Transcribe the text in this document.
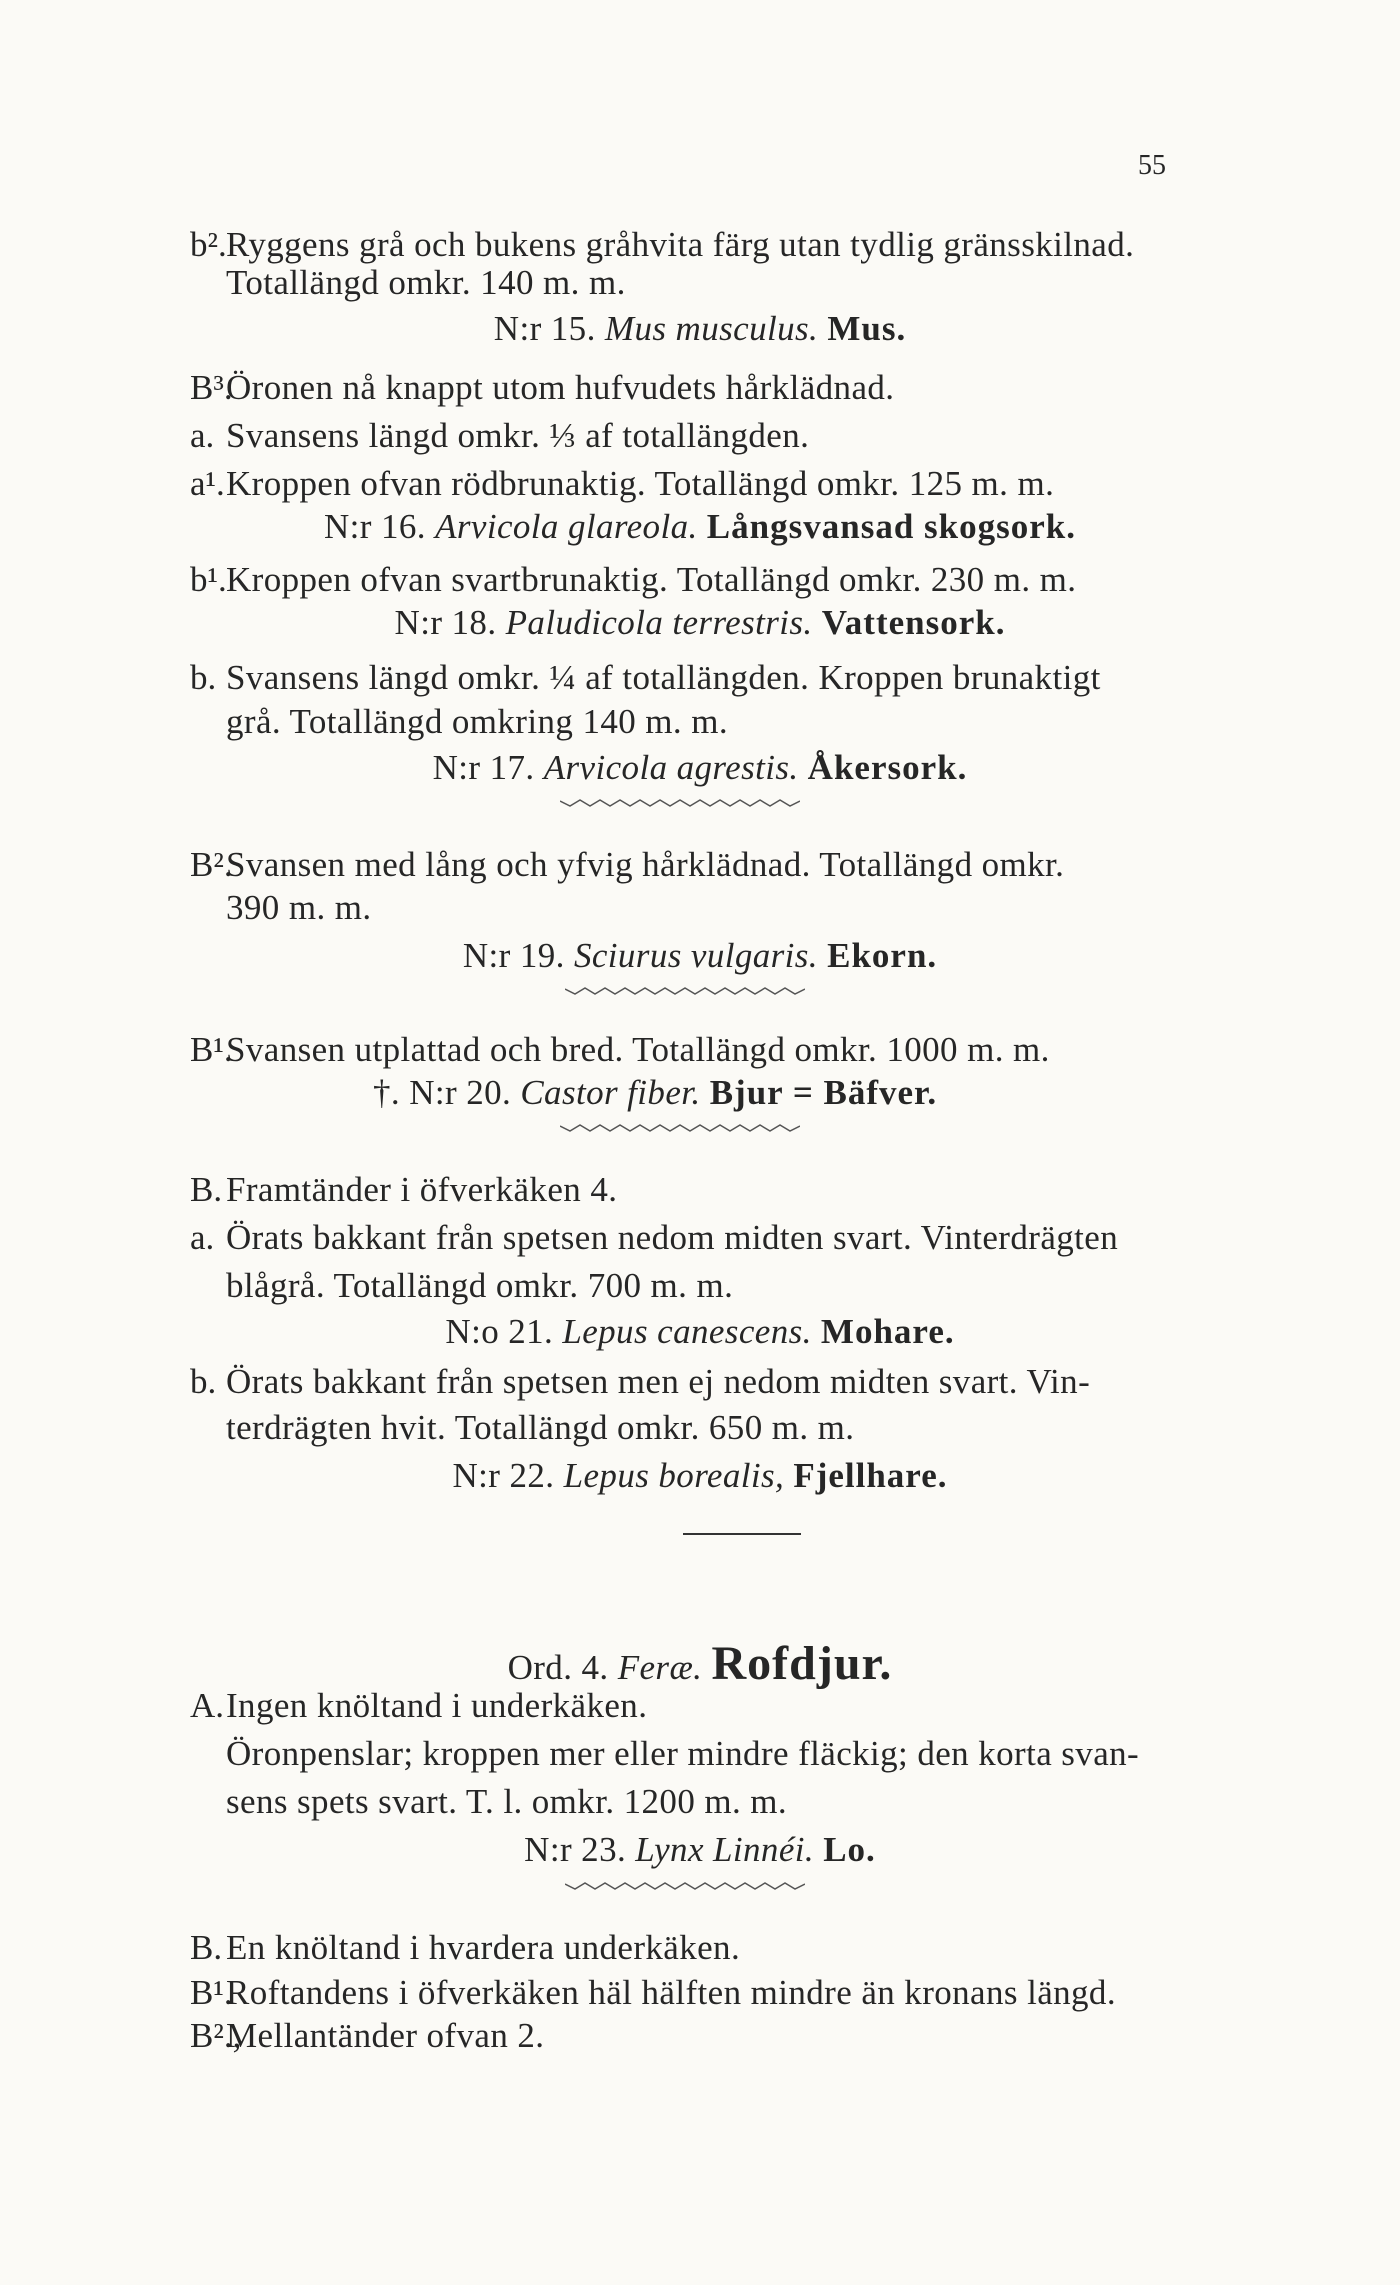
55
b². Ryggens grå och bukens gråhvita färg utan tydlig gränsskilnad.
Totallängd omkr. 140 m. m.
N:r 15. Mus musculus. Mus.
B³.
Öronen nå knappt utom hufvudets hårklädnad.
a. Svansens längd omkr. ⅓ af totallängden.
a¹. Kroppen ofvan rödbrunaktig. Totallängd omkr. 125 m. m.
N:r 16. Arvicola glareola. Långsvansad skogsork.
b¹. Kroppen ofvan svartbrunaktig. Totallängd omkr. 230 m. m.
N:r 18. Paludicola terrestris. Vattensork.
b. Svansens längd omkr. ¼ af totallängden. Kroppen brunaktigt
grå. Totallängd omkring 140 m. m.
N:r 17. Arvicola agrestis. Åkersork.
B².
Svansen med lång och yfvig hårklädnad. Totallängd omkr.
390 m. m.
N:r 19. Sciurus vulgaris. Ekorn.
B¹.
Svansen utplattad och bred. Totallängd omkr. 1000 m. m.
†. N:r 20. Castor fiber. Bjur = Bäfver.
B. Framtänder i öfverkäken 4.
a. Örats bakkant från spetsen nedom midten svart. Vinterdrägten
blågrå. Totallängd omkr. 700 m. m.
N:o 21. Lepus canescens. Mohare.
b. Örats bakkant från spetsen men ej nedom midten svart. Vin-
terdrägten hvit. Totallängd omkr. 650 m. m.
N:r 22. Lepus borealis, Fjellhare.
Ord. 4. Feræ. Rofdjur.
A. Ingen knöltand i underkäken.
Öronpenslar; kroppen mer eller mindre fläckig; den korta svan-
sens spets svart. T. l. omkr. 1200 m. m.
N:r 23. Lynx Linnéi. Lo.
B. En knöltand i hvardera underkäken.
B¹.
Roftandens i öfverkäken häl hälften mindre än kronans längd.
B².,
Mellantänder ofvan 2.
